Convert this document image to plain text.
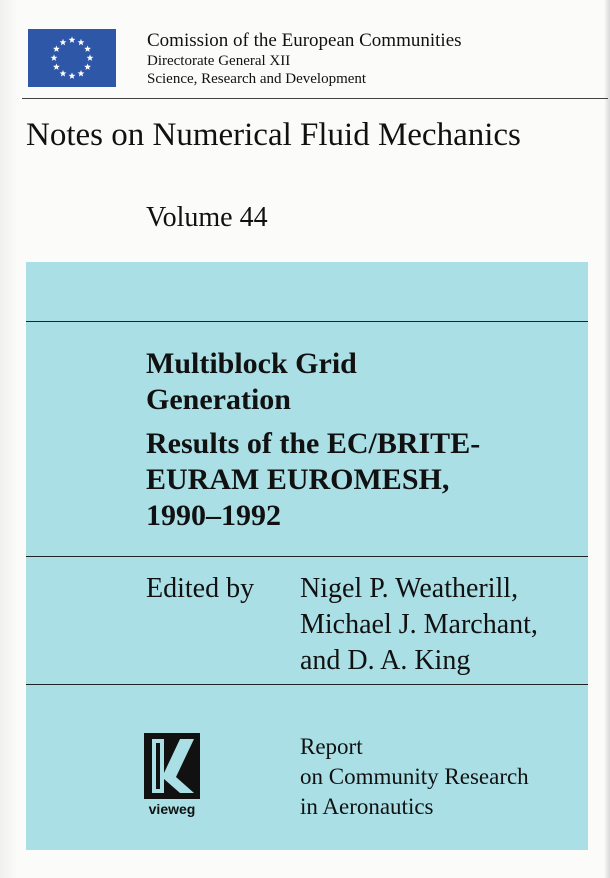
Comission of the European Communities
Directorate General XII
Science, Research and Development
Notes on Numerical Fluid Mechanics
Volume 44
Multiblock Grid
Generation
Results of the EC/BRITE-
EURAM EUROMESH,
1990–1992
Edited by Nigel P. Weatherill,
Michael J. Marchant,
and D. A. King
vieweg
Report
on Community Research
in Aeronautics
